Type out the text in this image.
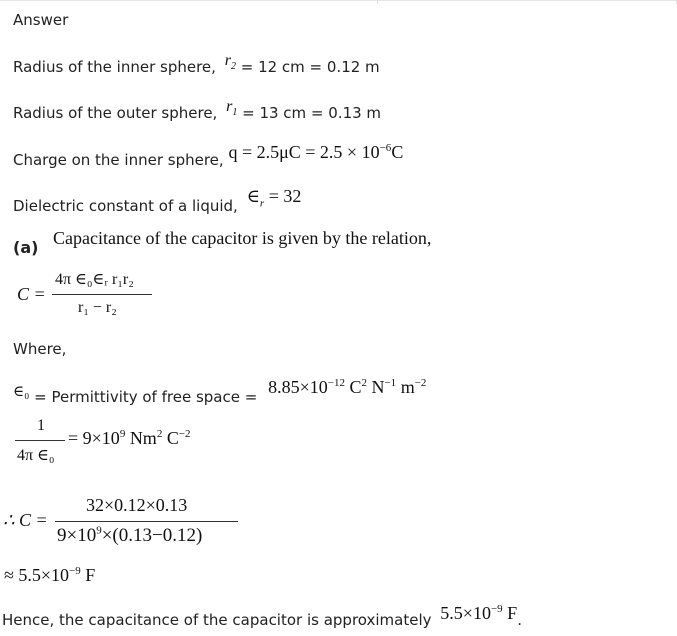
Answer
Radius of the inner sphere, $r_2 = 12$ cm = 0.12 m
Radius of the outer sphere, $r_1 = 13$ cm = 0.13 m
Charge on the inner sphere, $q = 2.5\mu C = 2.5 \times 10^{-6}C$
Dielectric constant of a liquid, $\in_r = 32$
(a) Capacitance of the capacitor is given by the relation,
C =
4π ∈₀∈ᵣ r₁r₂
r₁ − r₂
Where,
∈₀ = Permittivity of free space = $8.85\times 10^{-12}$ $C^2$ $N^{-1}$ $m^{-2}$
1
4π ∈₀
= $9\times 10^9$ Nm$^2$ $C^{-2}$
∴ C =
32×0.12×0.13
$9\times 10^9\times(0.13-0.12)$
≈ $5.5\times 10^{-9}$ F
Hence, the capacitance of the capacitor is approximately $5.5\times 10^{-9}$ F.
